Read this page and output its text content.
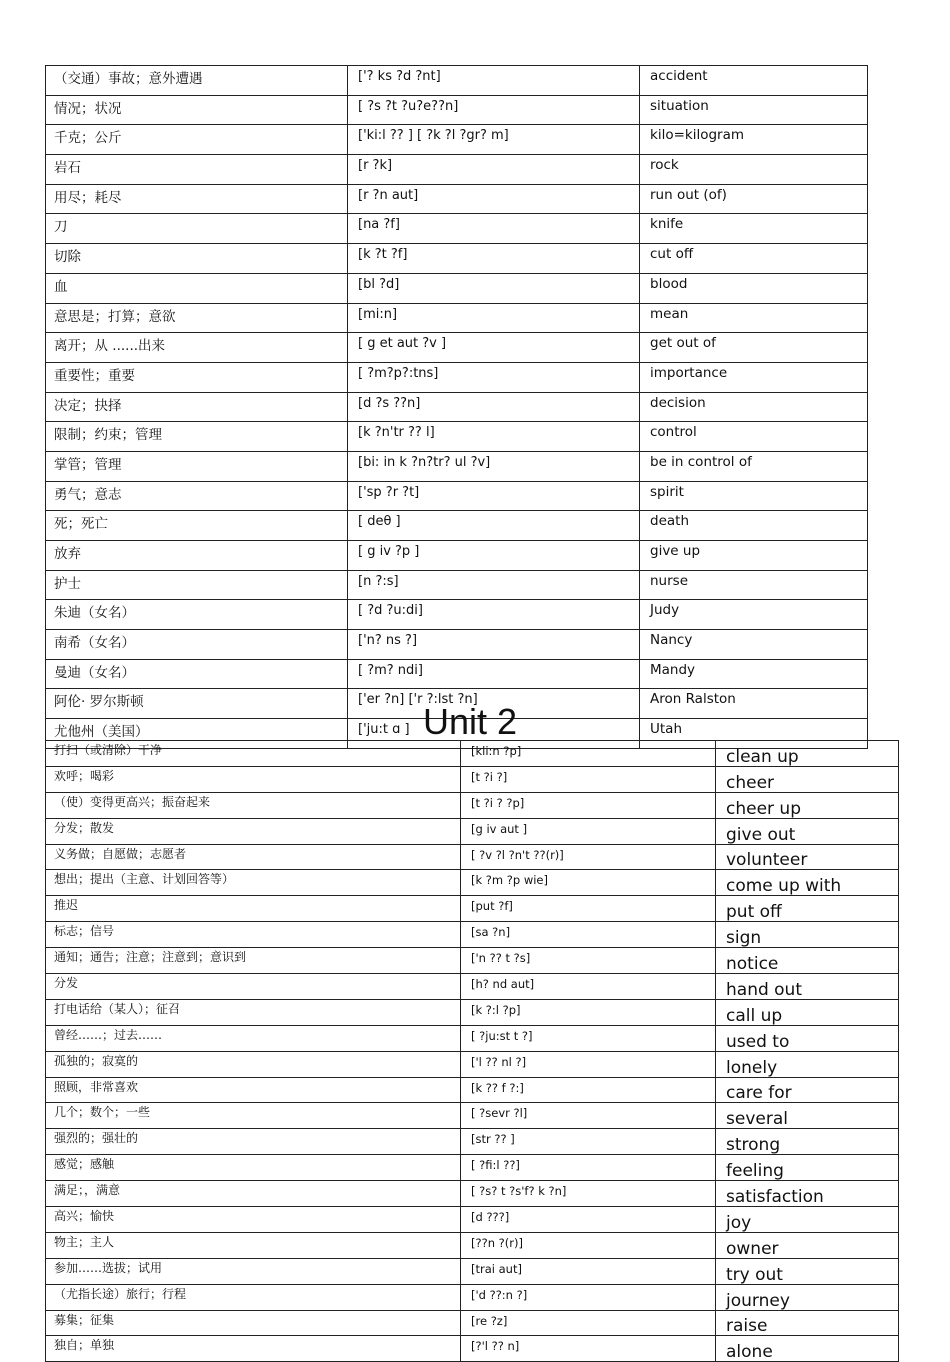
（交通）事故；意外遭遇	['? ks ?d ?nt]	accident
情况；状况	[ ?s ?t ?u?e??n]	situation
千克；公斤	['ki:l ?? ] [ ?k ?l ?gr? m]	kilo=kilogram
岩石	[r ?k]	rock
用尽；耗尽	[r ?n aut]	run out (of)
刀	[na ?f]	knife
切除	[k ?t ?f]	cut off
血	[bl ?d]	blood
意思是；打算；意欲	[mi:n]	mean
离开；从 ......出来	[ g et aut ?v ]	get out of
重要性；重要	[ ?m?p?:tns]	importance
决定；抉择	[d ?s ??n]	decision
限制；约束；管理	[k ?n'tr ?? l]	control
掌管；管理	[bi: in k ?n?tr? ul ?v]	be in control of
勇气；意志	['sp ?r ?t]	spirit
死；死亡	[ deθ ]	death
放弃	[ g iv ?p ]	give up
护士	[n ?:s]	nurse
朱迪（女名）	[ ?d ?u:di]	Judy
南希（女名）	['n? ns ?]	Nancy
曼迪（女名）	[ ?m? ndi]	Mandy
阿伦· 罗尔斯顿	['er ?n] ['r ?:lst ?n]	Aron Ralston
尤他州（美国）	['ju:t ɑ ]	Utah
Unit 2
打扫（或清除）干净	[kli:n ?p]	clean up
欢呼；喝彩	[t ?i ?]	cheer
（使）变得更高兴；振奋起来	[t ?i ? ?p]	cheer up
分发；散发	[g iv aut ]	give out
义务做；自愿做；志愿者	[ ?v ?l ?n't ??(r)]	volunteer
想出；提出（主意、计划回答等）	[k ?m ?p wie]	come up with
推迟	[put ?f]	put off
标志；信号	[sa ?n]	sign
通知；通告；注意；注意到；意识到	['n ?? t ?s]	notice
分发	[h? nd aut]	hand out
打电话给（某人）；征召	[k ?:l ?p]	call up
曾经……；过去……	[ ?ju:st t ?]	used to
孤独的；寂寞的	['l ?? nl ?]	lonely
照顾，非常喜欢	[k ?? f ?:]	care for
几个；数个；一些	[ ?sevr ?l]	several
强烈的；强壮的	[str ?? ]	strong
感觉；感触	[ ?fi:l ??]	feeling
满足；，满意	[ ?s? t ?s'f? k ?n]	satisfaction
高兴；愉快	[d ???]	joy
物主；主人	[??n ?(r)]	owner
参加……选拔；试用	[trai aut]	try out
（尤指长途）旅行；行程	['d ??:n ?]	journey
募集；征集	[re ?z]	raise
独自；单独	[?'l ?? n]	alone
